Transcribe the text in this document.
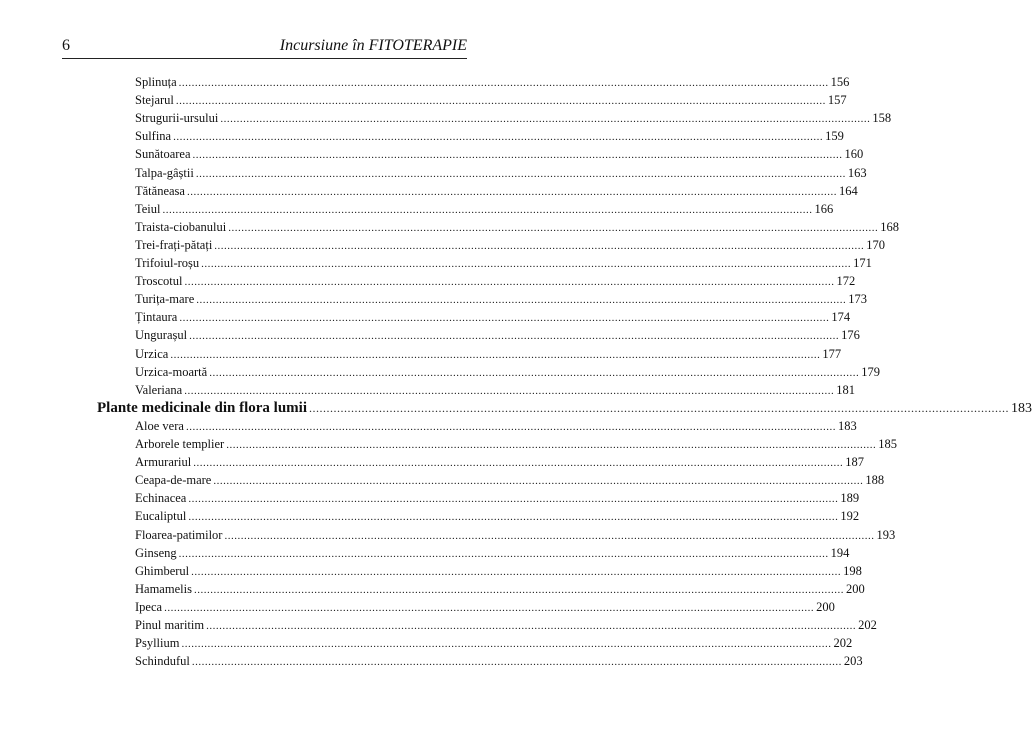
6	Incursiune în FITOTERAPIE
Splinuța ........................................................................................................................................................................................................ 156
Stejarul ........................................................................................................................................................................................................ 157
Strugurii-ursului ........................................................................................................................................................................................................ 158
Sulfina ........................................................................................................................................................................................................ 159
Sunătoarea ........................................................................................................................................................................................................ 160
Talpa-gâștii ........................................................................................................................................................................................................ 163
Tătăneasa ........................................................................................................................................................................................................ 164
Teiul ........................................................................................................................................................................................................ 166
Traista-ciobanului ........................................................................................................................................................................................................ 168
Trei-frați-pătați ........................................................................................................................................................................................................ 170
Trifoiul-roșu ........................................................................................................................................................................................................ 171
Troscotul ........................................................................................................................................................................................................ 172
Turița-mare ........................................................................................................................................................................................................ 173
Țintaura ........................................................................................................................................................................................................ 174
Ungurașul ........................................................................................................................................................................................................ 176
Urzica ........................................................................................................................................................................................................ 177
Urzica-moartă ........................................................................................................................................................................................................ 179
Valeriana ........................................................................................................................................................................................................ 181
Plante medicinale din flora lumii ........................................................................................................................................................................................................ 183
Aloe vera ........................................................................................................................................................................................................ 183
Arborele templier ........................................................................................................................................................................................................ 185
Armurariul ........................................................................................................................................................................................................ 187
Ceapa-de-mare ........................................................................................................................................................................................................ 188
Echinacea ........................................................................................................................................................................................................ 189
Eucaliptul ........................................................................................................................................................................................................ 192
Floarea-patimilor ........................................................................................................................................................................................................ 193
Ginseng ........................................................................................................................................................................................................ 194
Ghimberul ........................................................................................................................................................................................................ 198
Hamamelis ........................................................................................................................................................................................................ 200
Ipeca ........................................................................................................................................................................................................ 200
Pinul maritim ........................................................................................................................................................................................................ 202
Psyllium ........................................................................................................................................................................................................ 202
Schinduful ........................................................................................................................................................................................................ 203
